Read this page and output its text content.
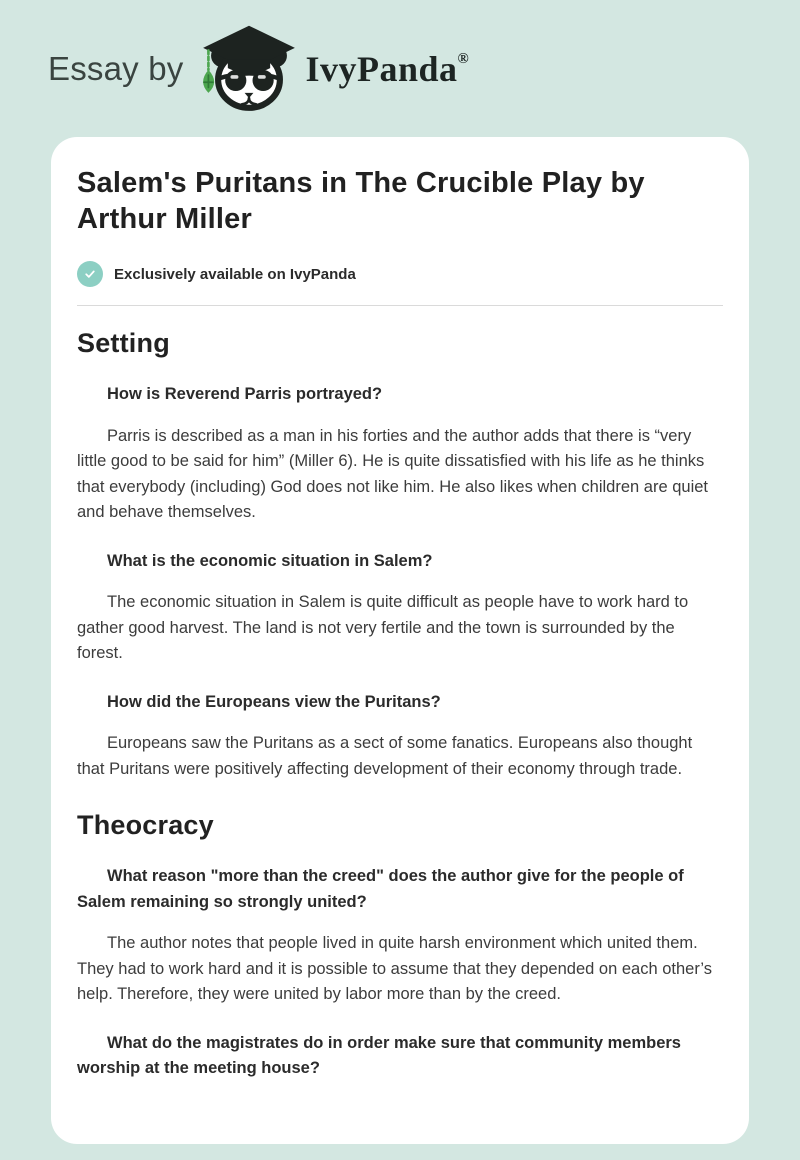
Essay by	IvyPanda®
Salem's Puritans in The Crucible Play by Arthur Miller
Exclusively available on IvyPanda
Setting

How is Reverend Parris portrayed?

Parris is described as a man in his forties and the author adds that there is “very little good to be said for him” (Miller 6). He is quite dissatisfied with his life as he thinks that everybody (including) God does not like him. He also likes when children are quiet and behave themselves.

What is the economic situation in Salem?

The economic situation in Salem is quite difficult as people have to work hard to gather good harvest. The land is not very fertile and the town is surrounded by the forest.

How did the Europeans view the Puritans?

Europeans saw the Puritans as a sect of some fanatics. Europeans also thought that Puritans were positively affecting development of their economy through trade.

Theocracy

What reason "more than the creed" does the author give for the people of Salem remaining so strongly united?

The author notes that people lived in quite harsh environment which united them. They had to work hard and it is possible to assume that they depended on each other’s help. Therefore, they were united by labor more than by the creed.

What do the magistrates do in order make sure that community members worship at the meeting house?
